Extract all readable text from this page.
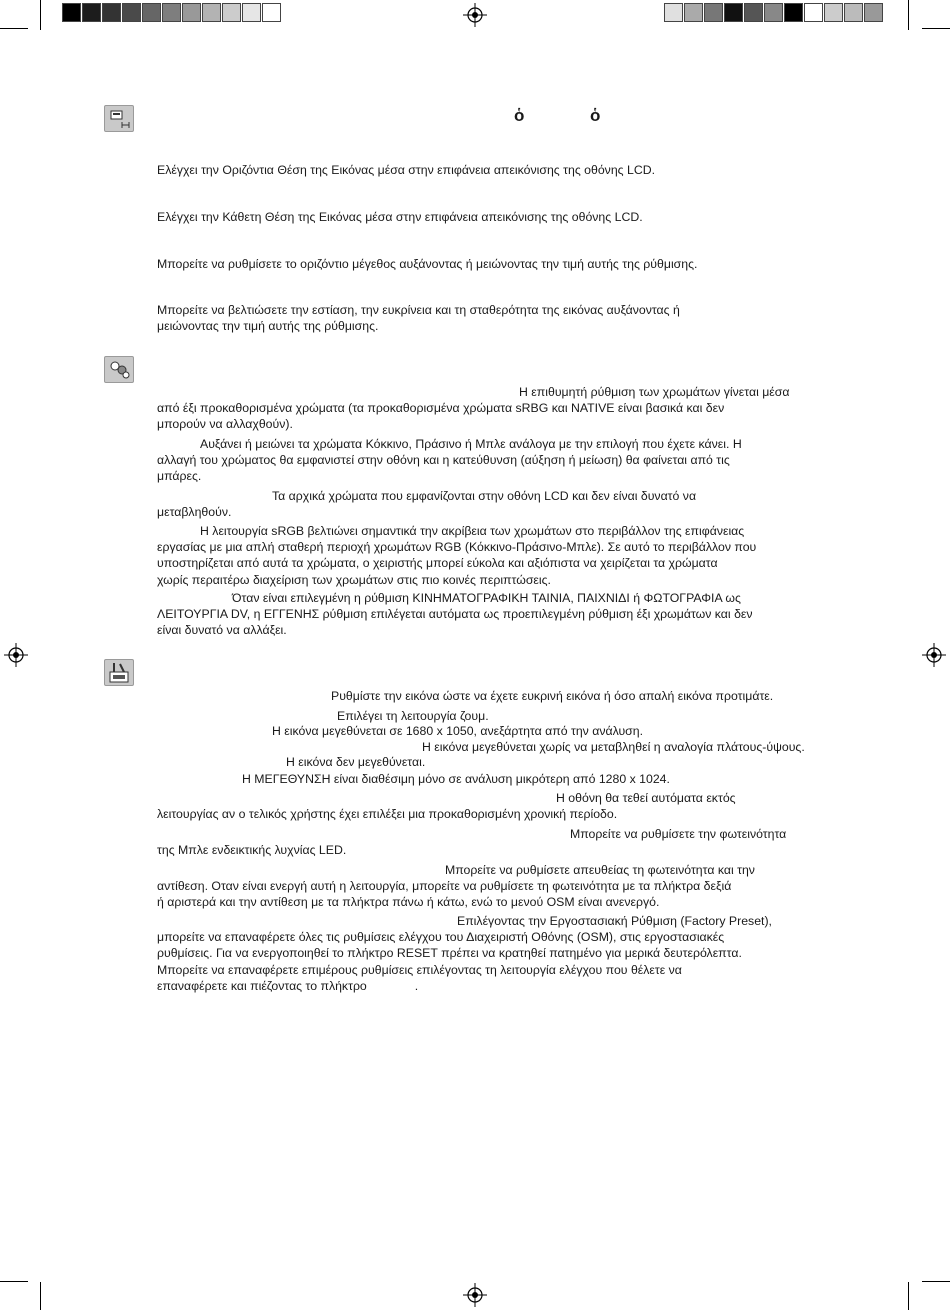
ὁ	ὁ
Ελέγχει την Οριζόντια Θέση της Εικόνας μέσα στην επιφάνεια απεικόνισης της οθόνης LCD.
Ελέγχει την Κάθετη Θέση της Εικόνας μέσα στην επιφάνεια απεικόνισης της οθόνης LCD.
Μπορείτε να ρυθμίσετε το οριζόντιο μέγεθος αυξάνοντας ή μειώνοντας την τιμή αυτής της ρύθμισης.
Μπορείτε να βελτιώσετε την εστίαση, την ευκρίνεια και τη σταθερότητα της εικόνας αυξάνοντας ή
μειώνοντας την τιμή αυτής της ρύθμισης.
Η επιθυμητή ρύθμιση των χρωμάτων γίνεται μέσα
από έξι προκαθορισμένα χρώματα (τα προκαθορισμένα χρώματα sRBG και NATIVE είναι βασικά και δεν
μπορούν να αλλαχθούν).
Αυξάνει ή μειώνει τα χρώματα Κόκκινο, Πράσινο ή Μπλε ανάλογα με την επιλογή που έχετε κάνει. Η
αλλαγή του χρώματος θα εμφανιστεί στην οθόνη και η κατεύθυνση (αύξηση ή μείωση) θα φαίνεται από τις
μπάρες.
Τα αρχικά χρώματα που εμφανίζονται στην οθόνη LCD και δεν είναι δυνατό να
μεταβληθούν.
Η λειτουργία sRGB βελτιώνει σημαντικά την ακρίβεια των χρωμάτων στο περιβάλλον της επιφάνειας
εργασίας με μια απλή σταθερή περιοχή χρωμάτων RGB (Κόκκινο-Πράσινο-Μπλε). Σε αυτό το περιβάλλον που
υποστηρίζεται από αυτά τα χρώματα, ο χειριστής μπορεί εύκολα και αξιόπιστα να χειρίζεται τα χρώματα
χωρίς περαιτέρω διαχείριση των χρωμάτων στις πιο κοινές περιπτώσεις.
Όταν είναι επιλεγμένη η ρύθμιση ΚΙΝΗΜΑΤΟΓΡΑΦΙΚΗ ΤΑΙΝΙΑ, ΠΑΙΧΝΙΔΙ ή ΦΩΤΟΓΡΑΦΙΑ ως
ΛΕΙΤΟΥΡΓΙΑ DV, η ΕΓΓΕΝΗΣ ρύθμιση επιλέγεται αυτόματα ως προεπιλεγμένη ρύθμιση έξι χρωμάτων και δεν
είναι δυνατό να αλλάξει.
Ρυθμίστε την εικόνα ώστε να έχετε ευκρινή εικόνα ή όσο απαλή εικόνα προτιμάτε.
Επιλέγει τη λειτουργία ζουμ.
Η εικόνα μεγεθύνεται σε 1680 x 1050, ανεξάρτητα από την ανάλυση.
Η εικόνα μεγεθύνεται χωρίς να μεταβληθεί η αναλογία πλάτους-ύψους.
Η εικόνα δεν μεγεθύνεται.
Η ΜΕΓΕΘΥΝΣΗ είναι διαθέσιμη μόνο σε ανάλυση μικρότερη από 1280 x 1024.
Η οθόνη θα τεθεί αυτόματα εκτός
λειτουργίας αν ο τελικός χρήστης έχει επιλέξει μια προκαθορισμένη χρονική περίοδο.
Μπορείτε να ρυθμίσετε την φωτεινότητα
της Μπλε ενδεικτικής λυχνίας LED.
Μπορείτε να ρυθμίσετε απευθείας τη φωτεινότητα και την
αντίθεση. Οταν είναι ενεργή αυτή η λειτουργία, μπορείτε να ρυθμίσετε τη φωτεινότητα με τα πλήκτρα δεξιά
ή αριστερά και την αντίθεση με τα πλήκτρα πάνω ή κάτω, ενώ το μενού OSM είναι ανενεργό.
Επιλέγοντας την Εργοστασιακή Ρύθμιση (Factory Preset),
μπορείτε να επαναφέρετε όλες τις ρυθμίσεις ελέγχου του Διαχειριστή Οθόνης (OSM), στις εργοστασιακές
ρυθμίσεις. Για να ενεργοποιηθεί το πλήκτρο RESET πρέπει να κρατηθεί πατημένο για μερικά δευτερόλεπτα.
Μπορείτε να επαναφέρετε επιμέρους ρυθμίσεις επιλέγοντας τη λειτουργία ελέγχου που θέλετε να
επαναφέρετε και πιέζοντας το πλήκτρο	.
